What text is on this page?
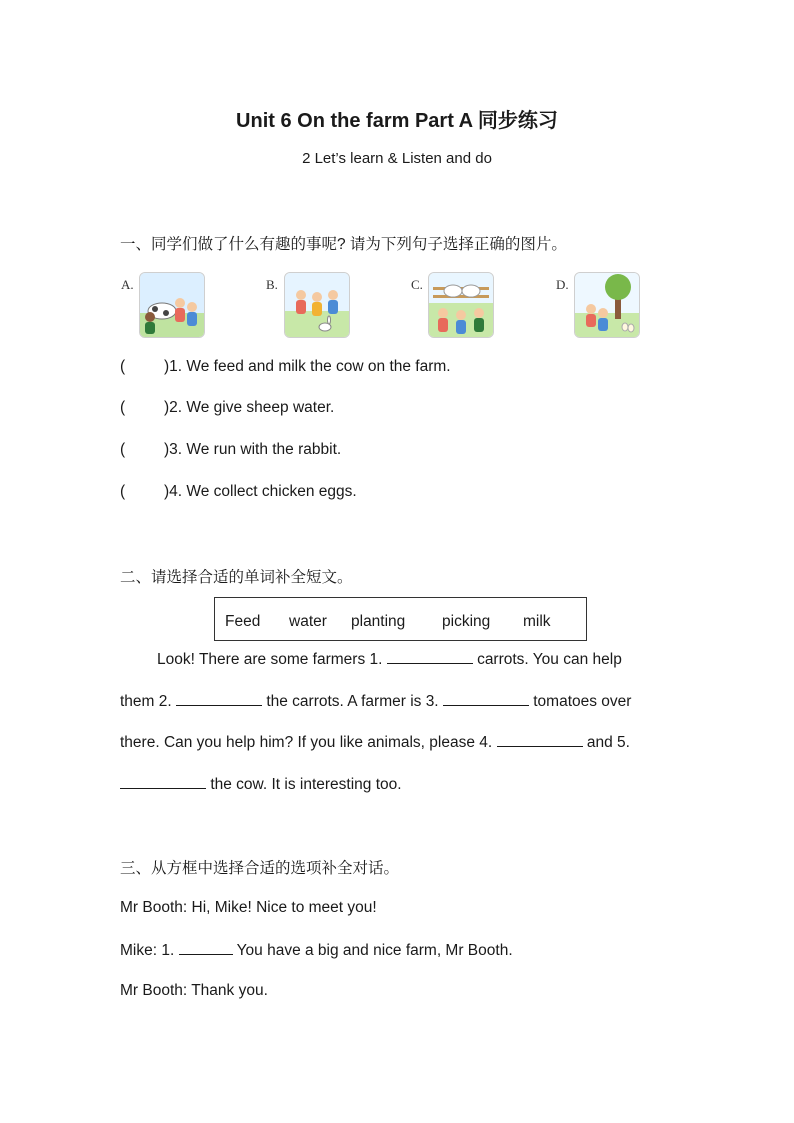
Unit 6 On the farm Part A 同步练习
2 Let’s learn & Listen and do
一、同学们做了什么有趣的事呢? 请为下列句子选择正确的图片。
A.	B.	C.	D.
(	)1. We feed and milk the cow on the farm.
(	)2. We give sheep water.
(	)3. We run with the rabbit.
(	)4. We collect chicken eggs.
二、请选择合适的单词补全短文。
Feed water planting picking milk
Look! There are some farmers 1.	carrots. You can help
them 2.	the carrots. A farmer is 3.	tomatoes over
there. Can you help him? If you like animals, please 4.	and 5.
the cow. It is interesting too.
三、从方框中选择合适的选项补全对话。
Mr Booth: Hi, Mike! Nice to meet you!
Mike: 1.	You have a big and nice farm, Mr Booth.
Mr Booth: Thank you.
